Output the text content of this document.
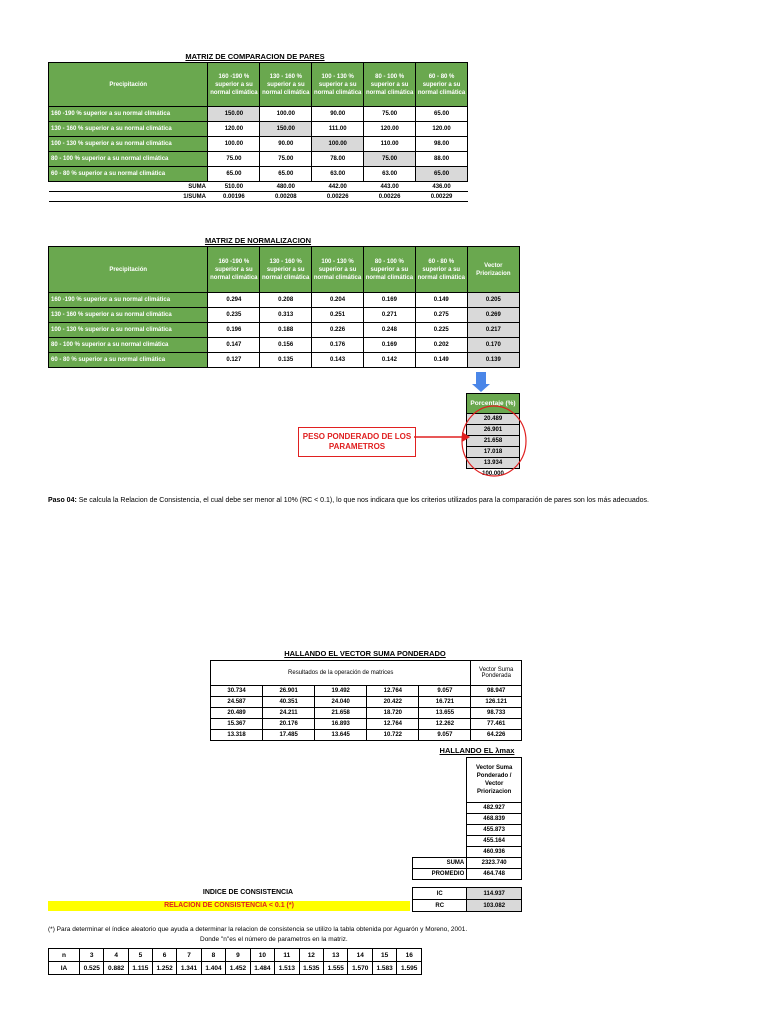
MATRIZ DE COMPARACION DE PARES
Precipitación	160 -190 % superior a su normal climática	130 - 160 % superior a su normal climática	100 - 130 % superior a su normal climática	80 - 100 % superior a su normal climática	60 - 80 % superior a su normal climática
160 -190 % superior a su normal climática	150.00	100.00	90.00	75.00	65.00
130 - 160 % superior a su normal climática	120.00	150.00	111.00	120.00	120.00
100 - 130 % superior a su normal climática	100.00	90.00	100.00	110.00	98.00
80 - 100 % superior a su normal climática	75.00	75.00	78.00	75.00	88.00
60 - 80 % superior a su normal climática	65.00	65.00	63.00	63.00	65.00
SUMA	510.00	480.00	442.00	443.00	436.00
1/SUMA	0.00196	0.00208	0.00226	0.00226	0.00229
MATRIZ DE NORMALIZACION
Precipitación	160 -190 % superior a su normal climática	130 - 160 % superior a su normal climática	100 - 130 % superior a su normal climática	80 - 100 % superior a su normal climática	60 - 80 % superior a su normal climática	Vector Priorizacion
160 -190 % superior a su normal climática	0.294	0.208	0.204	0.169	0.149	0.205
130 - 160 % superior a su normal climática	0.235	0.313	0.251	0.271	0.275	0.269
100 - 130 % superior a su normal climática	0.196	0.188	0.226	0.248	0.225	0.217
80 - 100 % superior a su normal climática	0.147	0.156	0.176	0.169	0.202	0.170
60 - 80 % superior a su normal climática	0.127	0.135	0.143	0.142	0.149	0.139
Porcentaje (%)
20.489
26.901
21.658
17.018
13.934
100.000
PESO PONDERADO DE LOS PARAMETROS
Paso 04: Se calcula la Relacion de Consistencia, el cual debe ser menor al 10% (RC < 0.1), lo que nos indicara que los criterios utilizados para la comparación de pares son los más adecuados.
HALLANDO EL VECTOR SUMA PONDERADO
Resultados de la operación de matrices					Vector Suma Ponderada
30.734	26.901	19.492	12.764	9.057	98.947
24.587	40.351	24.040	20.422	16.721	126.121
20.489	24.211	21.658	18.720	13.655	98.733
15.367	20.176	16.893	12.764	12.262	77.461
13.318	17.485	13.645	10.722	9.057	64.226
HALLANDO EL λmax
	Vector Suma Ponderado / Vector Priorizacion
	482.927
	468.839
	455.873
	455.164
	460.936
SUMA	2323.740
PROMEDIO	464.748
INDICE DE CONSISTENCIA
RELACION DE CONSISTENCIA < 0.1 (*)
IC	114.937
RC	103.082
(*) Para determinar el índice aleatorio que ayuda a determinar la relacion de consistencia se utilizo la tabla obtenida por Aguarón y Moreno, 2001.
Donde "n"es el número de parametros en la matriz.
n	3	4	5	6	7	8	9	10	11	12	13	14	15	16
IA	0.525	0.882	1.115	1.252	1.341	1.404	1.452	1.484	1.513	1.535	1.555	1.570	1.583	1.595
